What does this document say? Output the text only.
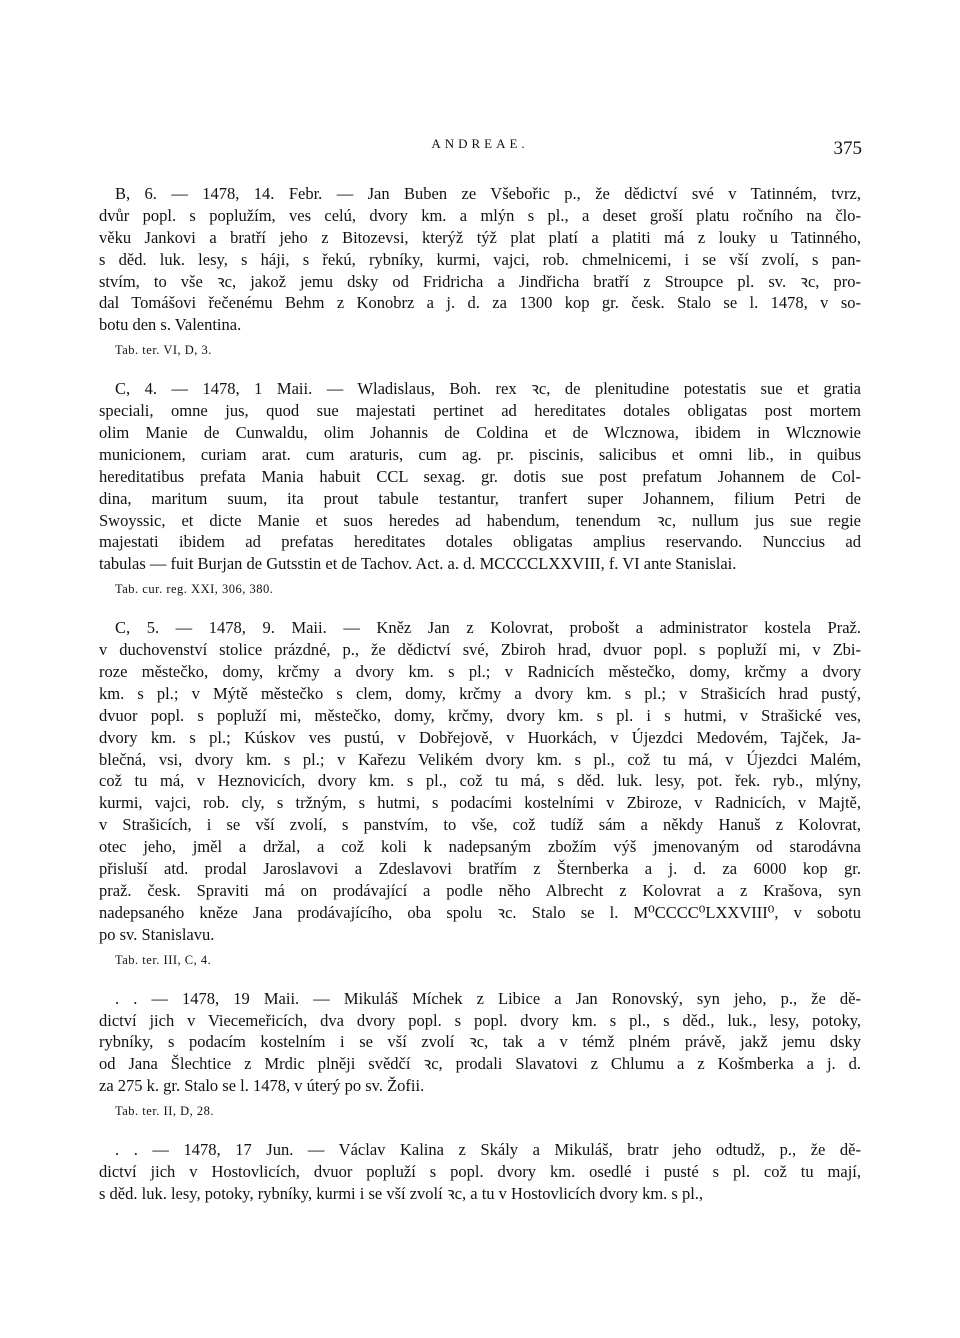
ANDREAE.	375
B, 6. — 1478, 14. Febr. — Jan Buben ze Všebořic p., že dědictví své v Tatinném, tvrz,
dvůr popl. s poplužím, ves celú, dvory km. a mlýn s pl., a deset groší platu ročního na člo-
věku Jankovi a bratří jeho z Bitozevsi, kterýž týž plat platí a platiti má z louky u Tatinného,
s děd. luk. lesy, s háji, s řekú, rybníky, kurmi, vajci, rob. chmelnicemi, i se vší zvolí, s pan-
stvím, to vše ꝛc, jakož jemu dsky od Fridricha a Jindřicha bratří z Stroupce pl. sv. ꝛc, pro-
dal Tomášovi řečenému Behm z Konobrz a j. d. za 1300 kop gr. česk. Stalo se l. 1478, v so-
botu den s. Valentina.
Tab. ter. VI, D, 3.
C, 4. — 1478, 1 Maii. — Wladislaus, Boh. rex ꝛc, de plenitudine potestatis sue et gratia
speciali, omne jus, quod sue majestati pertinet ad hereditates dotales obligatas post mortem
olim Manie de Cunwaldu, olim Johannis de Coldina et de Wlcznowa, ibidem in Wlcznowie
municionem, curiam arat. cum araturis, cum ag. pr. piscinis, salicibus et omni lib., in quibus
hereditatibus prefata Mania habuit CCL sexag. gr. dotis sue post prefatum Johannem de Col-
dina, maritum suum, ita prout tabule testantur, tranfert super Johannem, filium Petri de
Swoyssic, et dicte Manie et suos heredes ad habendum, tenendum ꝛc, nullum jus sue regie
majestati ibidem ad prefatas hereditates dotales obligatas amplius reservando. Nunccius ad
tabulas — fuit Burjan de Gutsstin et de Tachov. Act. a. d. MCCCCLXXVIII, f. VI ante Stanislai.
Tab. cur. reg. XXI, 306, 380.
C, 5. — 1478, 9. Maii. — Kněz Jan z Kolovrat, probošt a administrator kostela Praž.
v duchovenství stolice prázdné, p., že dědictví své, Zbiroh hrad, dvuor popl. s popluží mi, v Zbi-
roze městečko, domy, krčmy a dvory km. s pl.; v Radnicích městečko, domy, krčmy a dvory
km. s pl.; v Mýtě městečko s clem, domy, krčmy a dvory km. s pl.; v Strašicích hrad pustý,
dvuor popl. s popluží mi, městečko, domy, krčmy, dvory km. s pl. i s hutmi, v Strašické ves,
dvory km. s pl.; Kúskov ves pustú, v Dobřejově, v Huorkách, v Újezdci Medovém, Tajček, Ja-
blečná, vsi, dvory km. s pl.; v Kařezu Velikém dvory km. s pl., což tu má, v Újezdci Malém,
což tu má, v Heznovicích, dvory km. s pl., což tu má, s děd. luk. lesy, pot. řek. ryb., mlýny,
kurmi, vajci, rob. cly, s tržným, s hutmi, s podacími kostelními v Zbiroze, v Radnicích, v Majtě,
v Strašicích, i se vší zvolí, s panstvím, to vše, což tudíž sám a někdy Hanuš z Kolovrat,
otec jeho, jměl a držal, a což koli k nadepsaným zbožím výš jmenovaným od starodávna
přisluší atd. prodal Jaroslavovi a Zdeslavovi bratřím z Šternberka a j. d. za 6000 kop gr.
praž. česk. Spraviti má on prodávající a podle něho Albrecht z Kolovrat a z Krašova, syn
nadepsaného kněze Jana prodávajícího, oba spolu ꝛc. Stalo se l. M⁰CCCC⁰LXXVIII⁰, v sobotu
po sv. Stanislavu.
Tab. ter. III, C, 4.
. . — 1478, 19 Maii. — Mikuláš Míchek z Libice a Jan Ronovský, syn jeho, p., že dě-
dictví jich v Viecemeřicích, dva dvory popl. s popl. dvory km. s pl., s děd., luk., lesy, potoky,
rybníky, s podacím kostelním i se vší zvolí ꝛc, tak a v témž plném právě, jakž jemu dsky
od Jana Šlechtice z Mrdic plněji svědčí ꝛc, prodali Slavatovi z Chlumu a z Košmberka a j. d.
za 275 k. gr. Stalo se l. 1478, v úterý po sv. Žofii.
Tab. ter. II, D, 28.
. . — 1478, 17 Jun. — Václav Kalina z Skály a Mikuláš, bratr jeho odtudž, p., že dě-
dictví jich v Hostovlicích, dvuor popluží s popl. dvory km. osedlé i pusté s pl. což tu mají,
s děd. luk. lesy, potoky, rybníky, kurmi i se vší zvolí ꝛc, a tu v Hostovlicích dvory km. s pl.,
